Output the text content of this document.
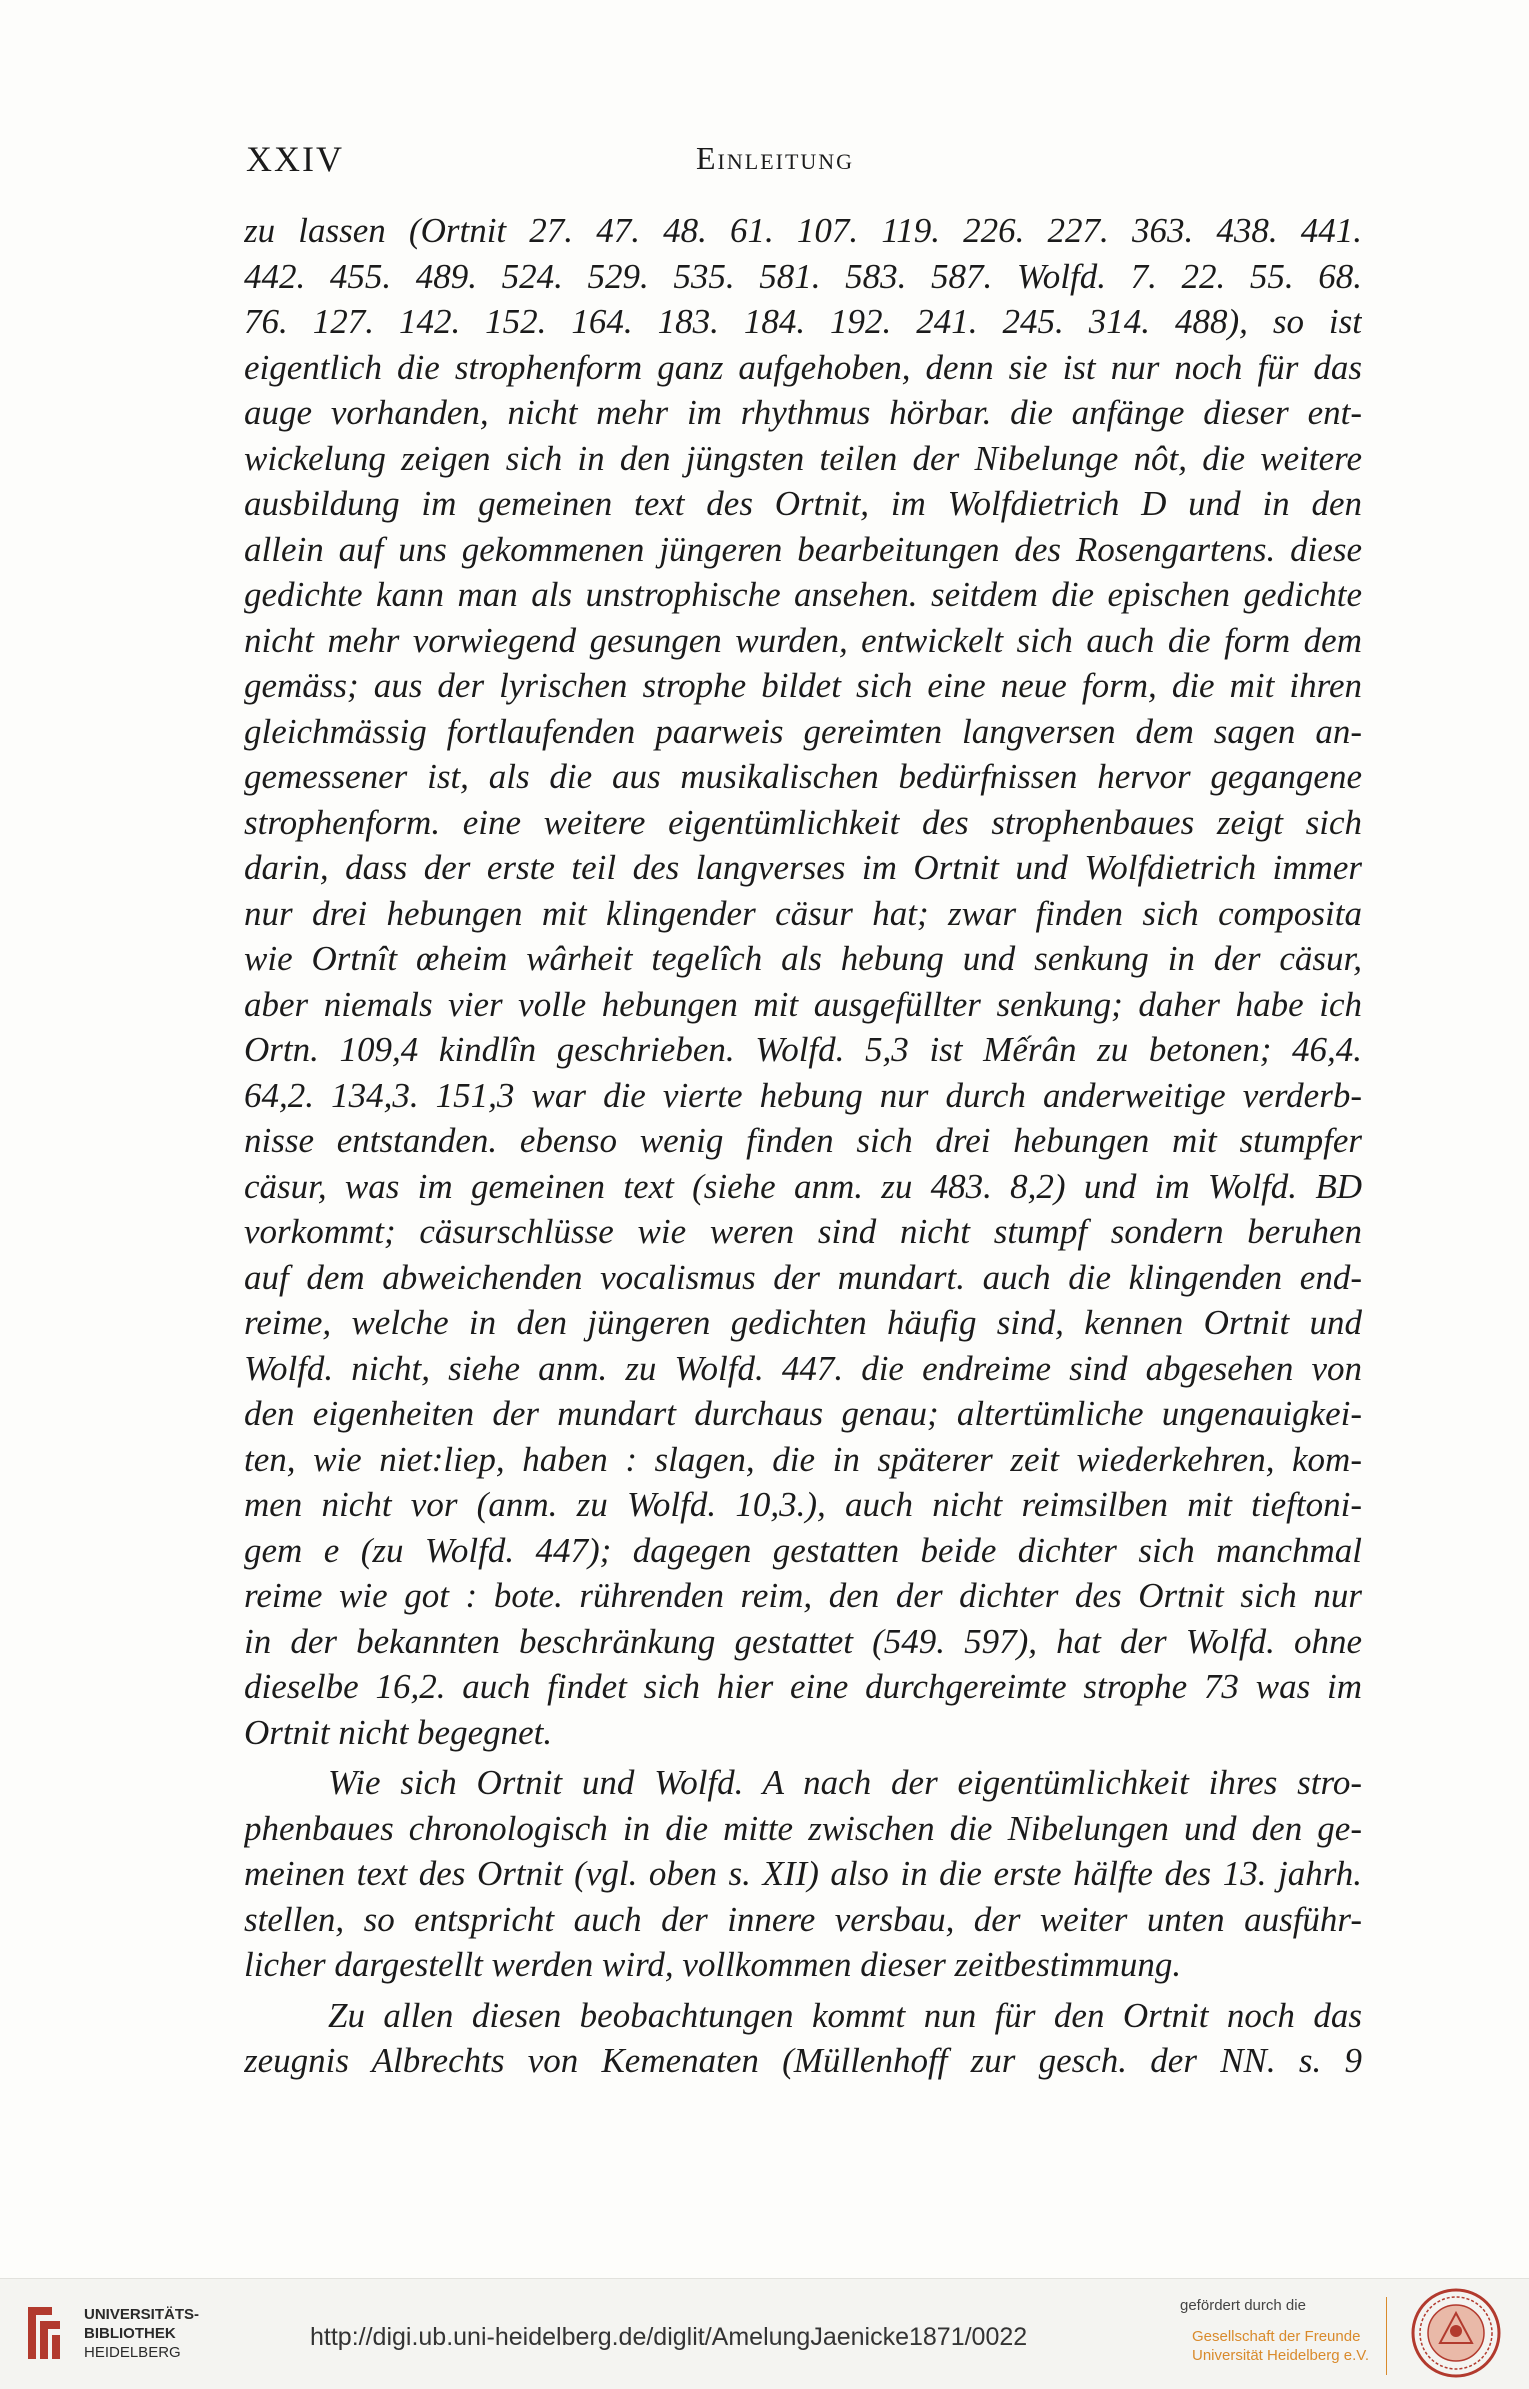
XXIV	Einleitung
zu lassen (Ortnit 27. 47. 48. 61. 107. 119. 226. 227. 363. 438. 441.
442. 455. 489. 524. 529. 535. 581. 583. 587. Wolfd. 7. 22. 55. 68.
76. 127. 142. 152. 164. 183. 184. 192. 241. 245. 314. 488), so ist
eigentlich die strophenform ganz aufgehoben, denn sie ist nur noch für das
auge vorhanden, nicht mehr im rhythmus hörbar. die anfänge dieser ent-
wickelung zeigen sich in den jüngsten teilen der Nibelunge nôt, die weitere
ausbildung im gemeinen text des Ortnit, im Wolfdietrich D und in den
allein auf uns gekommenen jüngeren bearbeitungen des Rosengartens. diese
gedichte kann man als unstrophische ansehen. seitdem die epischen gedichte
nicht mehr vorwiegend gesungen wurden, entwickelt sich auch die form dem
gemäss; aus der lyrischen strophe bildet sich eine neue form, die mit ihren
gleichmässig fortlaufenden paarweis gereimten langversen dem sagen an-
gemessener ist, als die aus musikalischen bedürfnissen hervor gegangene
strophenform. eine weitere eigentümlichkeit des strophenbaues zeigt sich
darin, dass der erste teil des langverses im Ortnit und Wolfdietrich immer
nur drei hebungen mit klingender cäsur hat; zwar finden sich composita
wie Ortnît œheim wârheit tegelîch als hebung und senkung in der cäsur,
aber niemals vier volle hebungen mit ausgefüllter senkung; daher habe ich
Ortn. 109,4 kindlîn geschrieben. Wolfd. 5,3 ist Mếrân zu betonen; 46,4.
64,2. 134,3. 151,3 war die vierte hebung nur durch anderweitige verderb-
nisse entstanden. ebenso wenig finden sich drei hebungen mit stumpfer
cäsur, was im gemeinen text (siehe anm. zu 483. 8,2) und im Wolfd. BD
vorkommt; cäsurschlüsse wie weren sind nicht stumpf sondern beruhen
auf dem abweichenden vocalismus der mundart. auch die klingenden end-
reime, welche in den jüngeren gedichten häufig sind, kennen Ortnit und
Wolfd. nicht, siehe anm. zu Wolfd. 447. die endreime sind abgesehen von
den eigenheiten der mundart durchaus genau; altertümliche ungenauigkei-
ten, wie niet:liep, haben : slagen, die in späterer zeit wiederkehren, kom-
men nicht vor (anm. zu Wolfd. 10,3.), auch nicht reimsilben mit tieftoni-
gem e (zu Wolfd. 447); dagegen gestatten beide dichter sich manchmal
reime wie got : bote. rührenden reim, den der dichter des Ortnit sich nur
in der bekannten beschränkung gestattet (549. 597), hat der Wolfd. ohne
dieselbe 16,2. auch findet sich hier eine durchgereimte strophe 73 was im
Ortnit nicht begegnet.
Wie sich Ortnit und Wolfd. A nach der eigentümlichkeit ihres stro-
phenbaues chronologisch in die mitte zwischen die Nibelungen und den ge-
meinen text des Ortnit (vgl. oben s. XII) also in die erste hälfte des 13. jahrh.
stellen, so entspricht auch der innere versbau, der weiter unten ausführ-
licher dargestellt werden wird, vollkommen dieser zeitbestimmung.
Zu allen diesen beobachtungen kommt nun für den Ortnit noch das
zeugnis Albrechts von Kemenaten (Müllenhoff zur gesch. der NN. s. 9
UNIVERSITÄTS-
BIBLIOTHEK
HEIDELBERG
http://digi.ub.uni-heidelberg.de/diglit/AmelungJaenicke1871/0022
gefördert durch die
Gesellschaft der Freunde
Universität Heidelberg e.V.
